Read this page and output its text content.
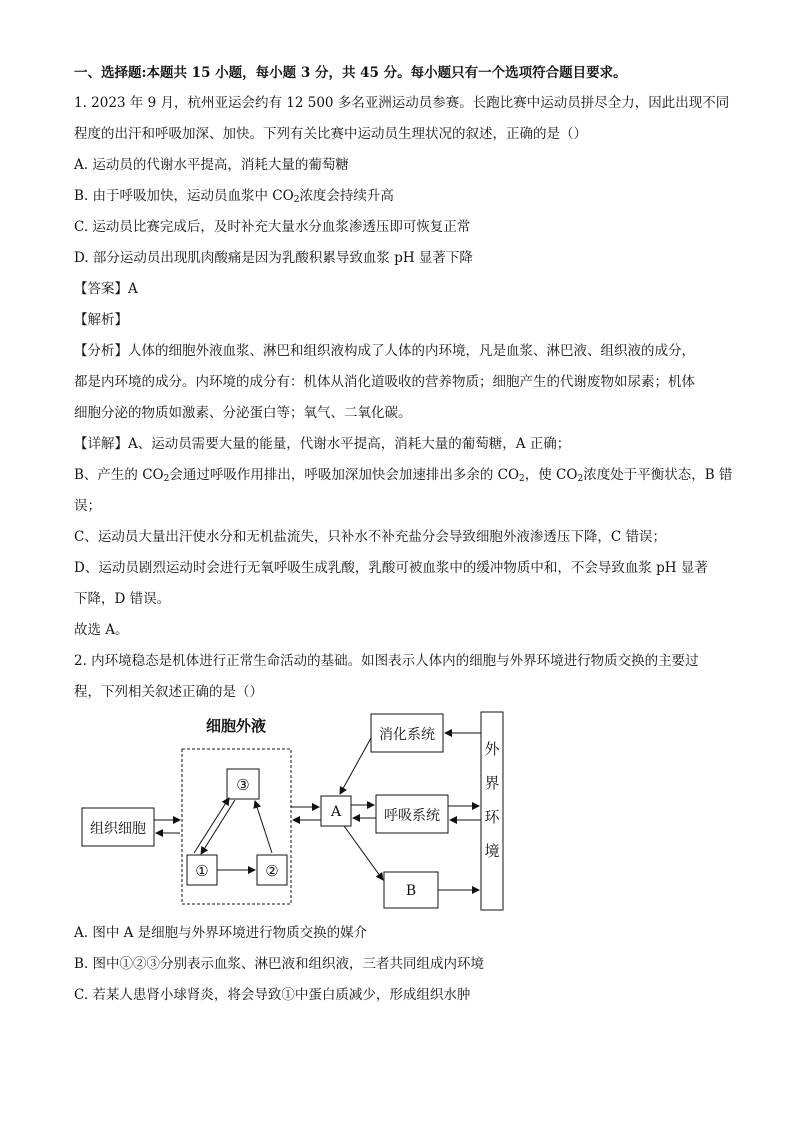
一、选择题:本题共 15 小题，每小题 3 分，共 45 分。每小题只有一个选项符合题目要求。
1. 2023 年 9 月，杭州亚运会约有 12 500 多名亚洲运动员参赛。长跑比赛中运动员拼尽全力，因此出现不同
程度的出汗和呼吸加深、加快。下列有关比赛中运动员生理状况的叙述，正确的是（）
A. 运动员的代谢水平提高，消耗大量的葡萄糖
B. 由于呼吸加快，运动员血浆中 $CO_2$浓度会持续升高
C. 运动员比赛完成后，及时补充大量水分血浆渗透压即可恢复正常
D. 部分运动员出现肌肉酸痛是因为乳酸积累导致血浆 pH 显著下降
【答案】A
【解析】
【分析】人体的细胞外液血浆、淋巴和组织液构成了人体的内环境，凡是血浆、淋巴液、组织液的成分，
都是内环境的成分。内环境的成分有：机体从消化道吸收的营养物质；细胞产生的代谢废物如尿素；机体
细胞分泌的物质如激素、分泌蛋白等；氧气、二氧化碳。
【详解】A、运动员需要大量的能量，代谢水平提高，消耗大量的葡萄糖，A 正确；
B、产生的 $CO_2$会通过呼吸作用排出，呼吸加深加快会加速排出多余的 $CO_2$，使 $CO_2$浓度处于平衡状态，B 错
误；
C、运动员大量出汗使水分和无机盐流失，只补水不补充盐分会导致细胞外液渗透压下降，C 错误；
D、运动员剧烈运动时会进行无氧呼吸生成乳酸，乳酸可被血浆中的缓冲物质中和，不会导致血浆 pH 显著
下降，D 错误。
故选 A。
2. 内环境稳态是机体进行正常生命活动的基础。如图表示人体内的细胞与外界环境进行物质交换的主要过
程，下列相关叙述正确的是（）
细胞外液
组织细胞
③
①	②
A
消化系统
呼吸系统
B
外
界
环
境
A. 图中 A 是细胞与外界环境进行物质交换的媒介
B. 图中①②③分别表示血浆、淋巴液和组织液，三者共同组成内环境
C. 若某人患肾小球肾炎，将会导致①中蛋白质减少，形成组织水肿
